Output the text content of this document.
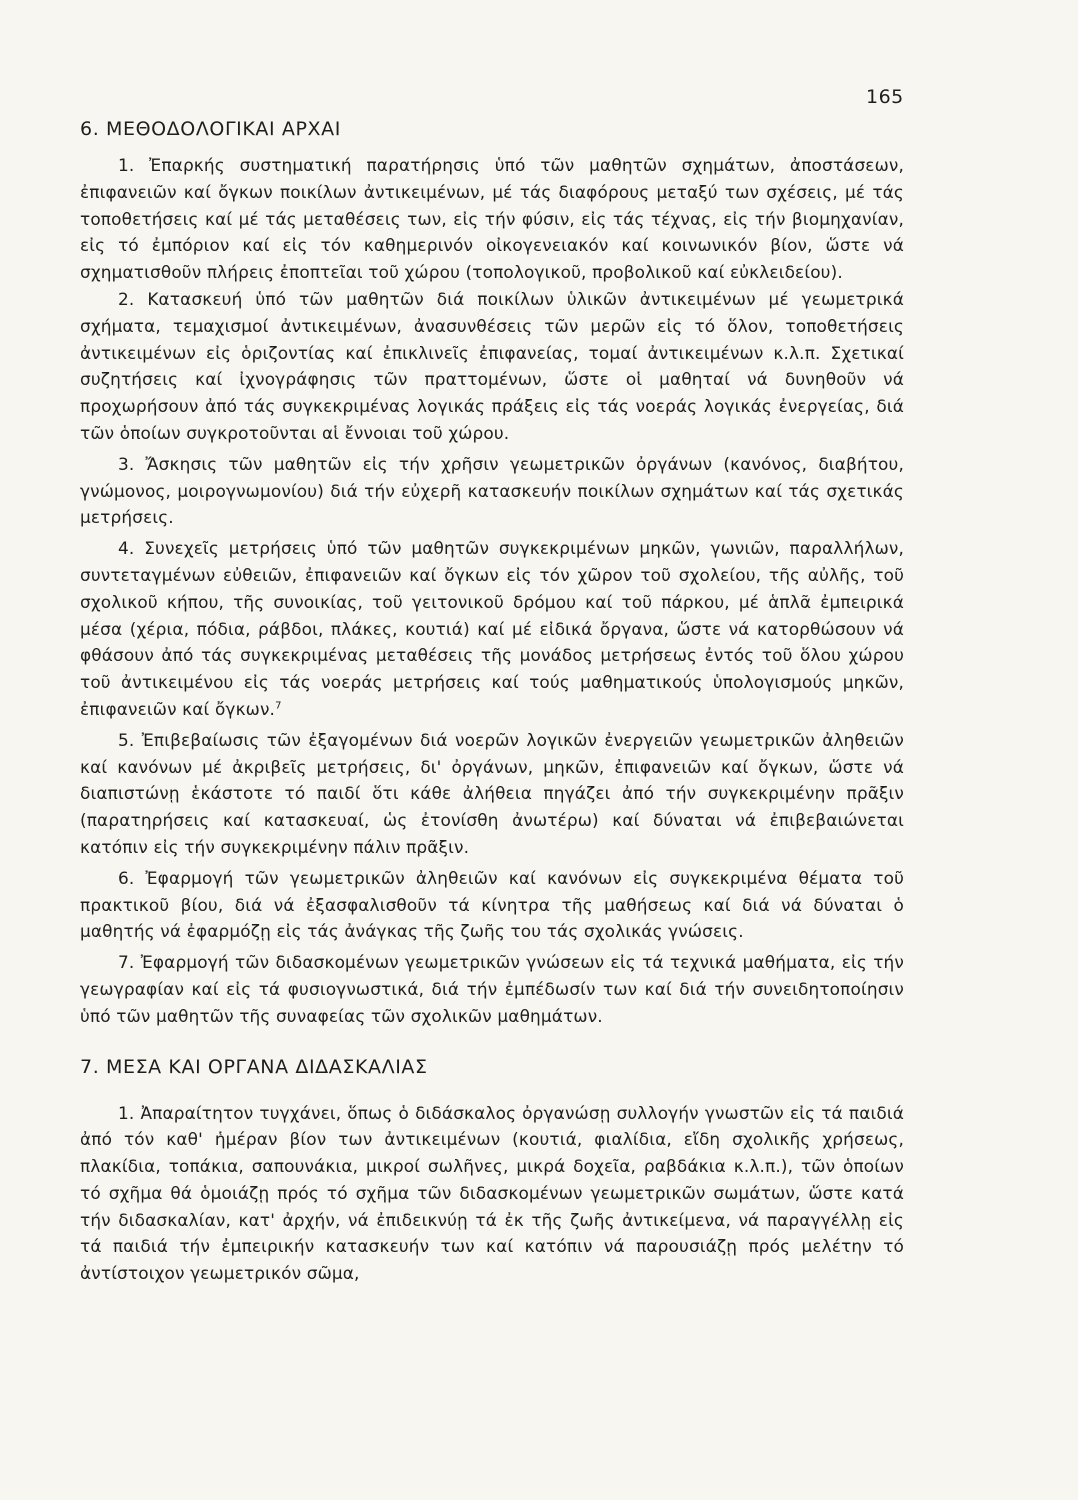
165
6. ΜΕΘΟΔΟΛΟΓΙΚΑΙ ΑΡΧΑΙ

1. Ἐπαρκής συστηματική παρατήρησις ὑπό τῶν μαθητῶν σχημάτων, ἀποστάσεων, ἐπιφανειῶν καί ὄγκων ποικίλων ἀντικειμένων, μέ τάς διαφόρους μεταξύ των σχέσεις, μέ τάς τοποθετήσεις καί μέ τάς μεταθέσεις των, εἰς τήν φύσιν, εἰς τάς τέχνας, εἰς τήν βιομηχανίαν, εἰς τό ἐμπόριον καί εἰς τόν καθημερινόν οἰκογενειακόν καί κοινωνικόν βίον, ὥστε νά σχηματισθοῦν πλήρεις ἐποπτεῖαι τοῦ χώρου (τοπολογικοῦ, προβολικοῦ καί εὐκλειδείου).

2. Κατασκευή ὑπό τῶν μαθητῶν διά ποικίλων ὑλικῶν ἀντικειμένων μέ γεωμετρικά σχήματα, τεμαχισμοί ἀντικειμένων, ἀνασυνθέσεις τῶν μερῶν εἰς τό ὅλον, τοποθετήσεις ἀντικειμένων εἰς ὁριζοντίας καί ἐπικλινεῖς ἐπιφανείας, τομαί ἀντικειμένων κ.λ.π. Σχετικαί συζητήσεις καί ἰχνογράφησις τῶν πραττομένων, ὥστε οἱ μαθηταί νά δυνηθοῦν νά προχωρήσουν ἀπό τάς συγκεκριμένας λογικάς πράξεις εἰς τάς νοεράς λογικάς ἐνεργείας, διά τῶν ὁποίων συγκροτοῦνται αἱ ἔννοιαι τοῦ χώρου.

3. Ἄσκησις τῶν μαθητῶν εἰς τήν χρῆσιν γεωμετρικῶν ὀργάνων (κανόνος, διαβήτου, γνώμονος, μοιρογνωμονίου) διά τήν εὐχερῆ κατασκευήν ποικίλων σχημάτων καί τάς σχετικάς μετρήσεις.

4. Συνεχεῖς μετρήσεις ὑπό τῶν μαθητῶν συγκεκριμένων μηκῶν, γωνιῶν, παραλλήλων, συντεταγμένων εὐθειῶν, ἐπιφανειῶν καί ὄγκων εἰς τόν χῶρον τοῦ σχολείου, τῆς αὐλῆς, τοῦ σχολικοῦ κήπου, τῆς συνοικίας, τοῦ γειτονικοῦ δρόμου καί τοῦ πάρκου, μέ ἁπλᾶ ἐμπειρικά μέσα (χέρια, πόδια, ράβδοι, πλάκες, κουτιά) καί μέ εἰδικά ὄργανα, ὥστε νά κατορθώσουν νά φθάσουν ἀπό τάς συγκεκριμένας μεταθέσεις τῆς μονάδος μετρήσεως ἐντός τοῦ ὅλου χώρου τοῦ ἀντικειμένου εἰς τάς νοεράς μετρήσεις καί τούς μαθηματικούς ὑπολογισμούς μηκῶν, ἐπιφανειῶν καί ὄγκων.$^7$

5. Ἐπιβεβαίωσις τῶν ἐξαγομένων διά νοερῶν λογικῶν ἐνεργειῶν γεωμετρικῶν ἀληθειῶν καί κανόνων μέ ἀκριβεῖς μετρήσεις, δι' ὀργάνων, μηκῶν, ἐπιφανειῶν καί ὄγκων, ὥστε νά διαπιστώνῃ ἑκάστοτε τό παιδί ὅτι κάθε ἀλήθεια πηγάζει ἀπό τήν συγκεκριμένην πρᾶξιν (παρατηρήσεις καί κατασκευαί, ὡς ἐτονίσθη ἀνωτέρω) καί δύναται νά ἐπιβεβαιώνεται κατόπιν εἰς τήν συγκεκριμένην πάλιν πρᾶξιν.

6. Ἐφαρμογή τῶν γεωμετρικῶν ἀληθειῶν καί κανόνων εἰς συγκεκριμένα θέματα τοῦ πρακτικοῦ βίου, διά νά ἐξασφαλισθοῦν τά κίνητρα τῆς μαθήσεως καί διά νά δύναται ὁ μαθητής νά ἐφαρμόζῃ εἰς τάς ἀνάγκας τῆς ζωῆς του τάς σχολικάς γνώσεις.

7. Ἐφαρμογή τῶν διδασκομένων γεωμετρικῶν γνώσεων εἰς τά τεχνικά μαθήματα, εἰς τήν γεωγραφίαν καί εἰς τά φυσιογνωστικά, διά τήν ἐμπέδωσίν των καί διά τήν συνειδητοποίησιν ὑπό τῶν μαθητῶν τῆς συναφείας τῶν σχολικῶν μαθημάτων.

7. ΜΕΣΑ ΚΑΙ ΟΡΓΑΝΑ ΔΙΔΑΣΚΑΛΙΑΣ

1. Ἀπαραίτητον τυγχάνει, ὅπως ὁ διδάσκαλος ὀργανώσῃ συλλογήν γνωστῶν εἰς τά παιδιά ἀπό τόν καθ' ἡμέραν βίον των ἀντικειμένων (κουτιά, φιαλίδια, εἴδη σχολικῆς χρήσεως, πλακίδια, τοπάκια, σαπουνάκια, μικροί σωλῆνες, μικρά δοχεῖα, ραβδάκια κ.λ.π.), τῶν ὁποίων τό σχῆμα θά ὁμοιάζῃ πρός τό σχῆμα τῶν διδασκομένων γεωμετρικῶν σωμάτων, ὥστε κατά τήν διδασκαλίαν, κατ' ἀρχήν, νά ἐπιδεικνύῃ τά ἐκ τῆς ζωῆς ἀντικείμενα, νά παραγγέλλῃ εἰς τά παιδιά τήν ἐμπειρικήν κατασκευήν των καί κατόπιν νά παρουσιάζῃ πρός μελέτην τό ἀντίστοιχον γεωμετρικόν σῶμα,
